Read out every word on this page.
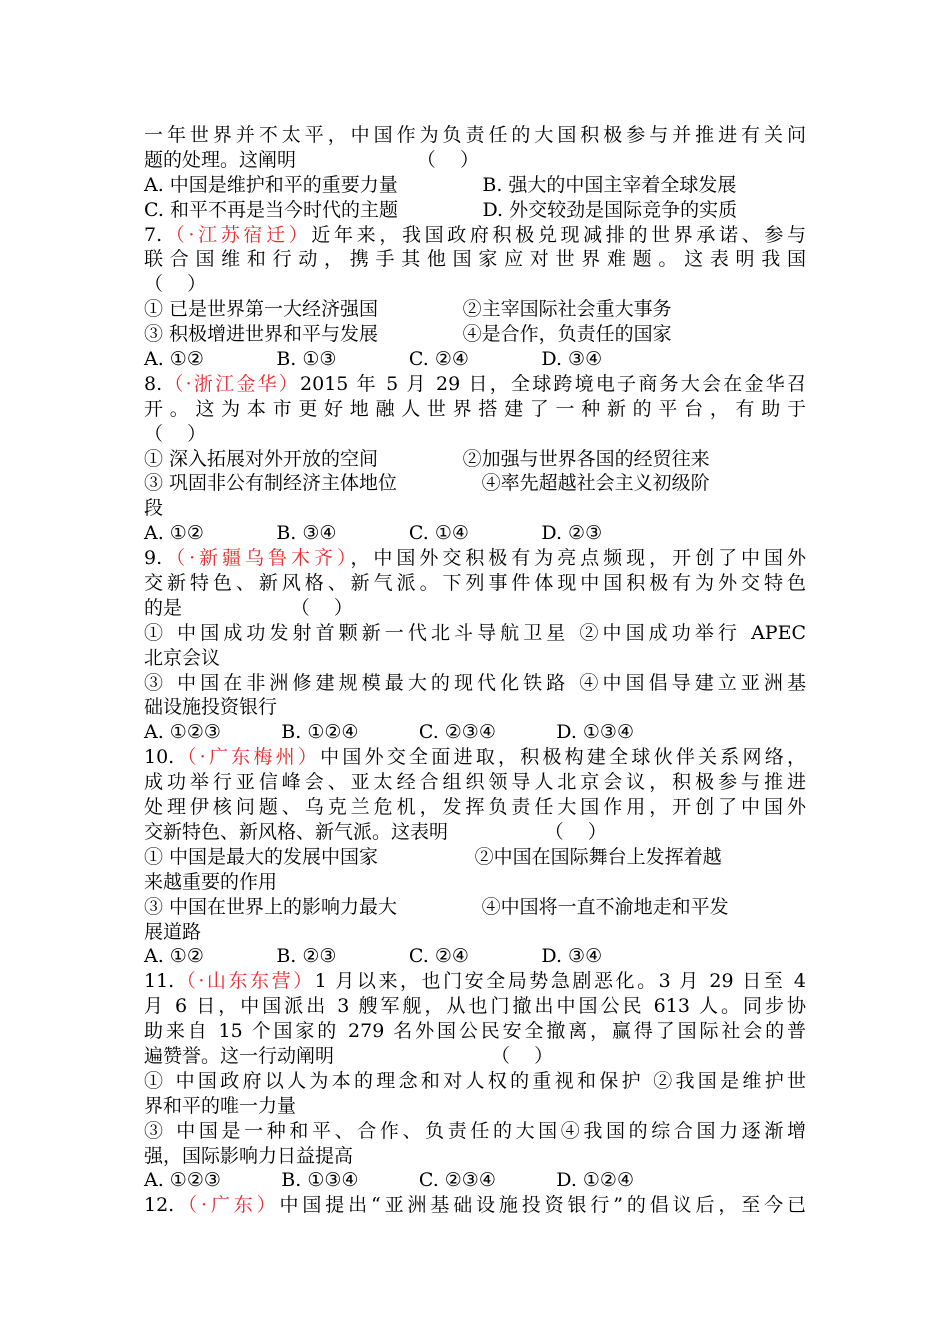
一年世界并不太平，中国作为负责任的大国积极参与并推进有关问
题的处理。这阐明                    （    ）
A. 中国是维护和平的重要力量              B. 强大的中国主宰着全球发展
C. 和平不再是当今时代的主题              D. 外交较劲是国际竞争的实质
7.（·江苏宿迁）近年来，我国政府积极兑现减排的世界承诺、参与
联合国维和行动，携手其他国家应对世界难题。这表明我国
（    ）
① 已是世界第一大经济强国              ②主宰国际社会重大事务
③ 积极增进世界和平与发展              ④是合作，负责任的国家
A. ①②            B. ①③            C. ②④            D. ③④
8.（·浙江金华）2015 年 5 月 29 日，全球跨境电子商务大会在金华召
开。这为本市更好地融人世界搭建了一种新的平台，有助于
（    ）
① 深入拓展对外开放的空间              ②加强与世界各国的经贸往来
③ 巩固非公有制经济主体地位              ④率先超越社会主义初级阶
段
A. ①②            B. ③④            C. ①④            D. ②③
9.（·新疆乌鲁木齐），中国外交积极有为亮点频现，开创了中国外
交新特色、新风格、新气派。下列事件体现中国积极有为外交特色
的是                  （    ）
① 中国成功发射首颗新一代北斗导航卫星 ②中国成功举行 APEC
北京会议
③ 中国在非洲修建规模最大的现代化铁路 ④中国倡导建立亚洲基
础设施投资银行
A. ①②③          B. ①②④          C. ②③④          D. ①③④
10.（·广东梅州）中国外交全面进取，积极构建全球伙伴关系网络，
成功举行亚信峰会、亚太经合组织领导人北京会议，积极参与推进
处理伊核问题、乌克兰危机，发挥负责任大国作用，开创了中国外
交新特色、新风格、新气派。这表明                （    ）
① 中国是最大的发展中国家                ②中国在国际舞台上发挥着越
来越重要的作用
③ 中国在世界上的影响力最大              ④中国将一直不渝地走和平发
展道路
A. ①②            B. ②③            C. ②④            D. ③④
11.（·山东东营）1 月以来，也门安全局势急剧恶化。3 月 29 日至 4
月 6 日，中国派出 3 艘军舰，从也门撤出中国公民 613 人。同步协
助来自 15 个国家的 279 名外国公民安全撤离，赢得了国际社会的普
遍赞誉。这一行动阐明                          （    ）
① 中国政府以人为本的理念和对人权的重视和保护 ②我国是维护世
界和平的唯一力量
③ 中国是一种和平、合作、负责任的大国④我国的综合国力逐渐增
强，国际影响力日益提高
A. ①②③          B. ①③④          C. ②③④          D. ①②④
12.（·广东）中国提出“亚洲基础设施投资银行”的倡议后，至今已
